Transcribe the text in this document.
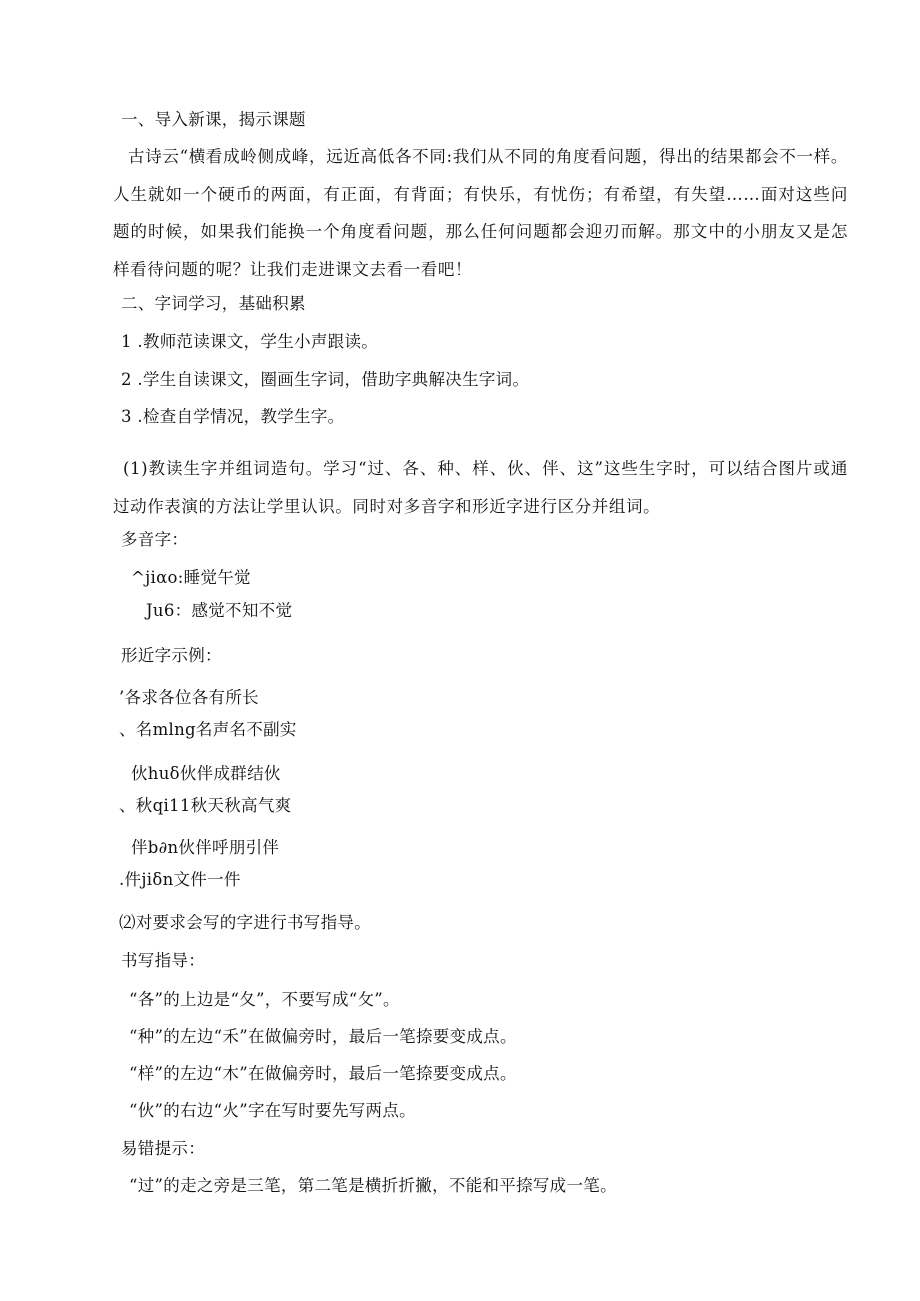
一、导入新课，揭示课题

古诗云“横看成岭侧成峰，远近高低各不同:我们从不同的角度看问题，得出的结果都会不一样。人生就如一个硬币的两面，有正面，有背面；有快乐，有忧伤；有希望，有失望……面对这些问题的时候，如果我们能换一个角度看问题，那么任何问题都会迎刃而解。那文中的小朋友又是怎样看待问题的呢？让我们走进课文去看一看吧！

二、字词学习，基础积累
1 .教师范读课文，学生小声跟读。
2 .学生自读课文，圈画生字词，借助字典解决生字词。
3 .检查自学情况，教学生字。

(1)教读生字并组词造句。学习“过、各、种、样、伙、伴、这”这些生字时，可以结合图片或通过动作表演的方法让学里认识。同时对多音字和形近字进行区分并组词。

多音字：
^jiαo:睡觉午觉
Ju6：感觉不知不觉
形近字示例：
’各求各位各有所长
、名mlng名声名不副实
伙huδ伙伴成群结伙
、秋qi11秋天秋高气爽
伴b∂n伙伴呼朋引伴
.件jiδn文件一件
⑵对要求会写的字进行书写指导。
书写指导：
“各”的上边是“夂”，不要写成“攵”。
“种”的左边“禾”在做偏旁时，最后一笔捺要变成点。
“样”的左边“木”在做偏旁时，最后一笔捺要变成点。
“伙”的右边“火”字在写时要先写两点。
易错提示：
“过”的走之旁是三笔，第二笔是横折折撇，不能和平捺写成一笔。
